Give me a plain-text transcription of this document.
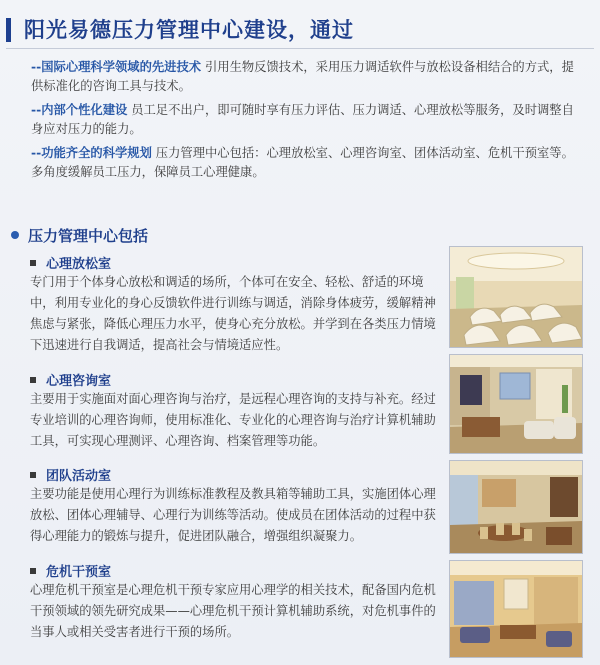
阳光易德压力管理中心建设，通过

--国际心理科学领域的先进技术 引用生物反馈技术，采用压力调适软件与放松设备相结合的方式，提供标准化的咨询工具与技术。

--内部个性化建设 员工足不出户，即可随时享有压力评估、压力调适、心理放松等服务，及时调整自身应对压力的能力。

--功能齐全的科学规划 压力管理中心包括：心理放松室、心理咨询室、团体活动室、危机干预室等。多角度缓解员工压力，保障员工心理健康。

压力管理中心包括
心理放松室

专门用于个体身心放松和调适的场所，个体可在安全、轻松、舒适的环境中，利用专业化的身心反馈软件进行训练与调适，消除身体疲劳，缓解精神焦虑与紧张，降低心理压力水平，使身心充分放松。并学到在各类压力情境下迅速进行自我调适，提高社会与情境适应性。

心理咨询室

主要用于实施面对面心理咨询与治疗，是远程心理咨询的支持与补充。经过专业培训的心理咨询师，使用标准化、专业化的心理咨询与治疗计算机辅助工具，可实现心理测评、心理咨询、档案管理等功能。

团队活动室

主要功能是使用心理行为训练标准教程及教具箱等辅助工具，实施团体心理放松、团体心理辅导、心理行为训练等活动。使成员在团体活动的过程中获得心理能力的锻炼与提升，促进团队融合，增强组织凝聚力。

危机干预室

心理危机干预室是心理危机干预专家应用心理学的相关技术，配备国内危机干预领域的领先研究成果——心理危机干预计算机辅助系统，对危机事件的当事人或相关受害者进行干预的场所。
